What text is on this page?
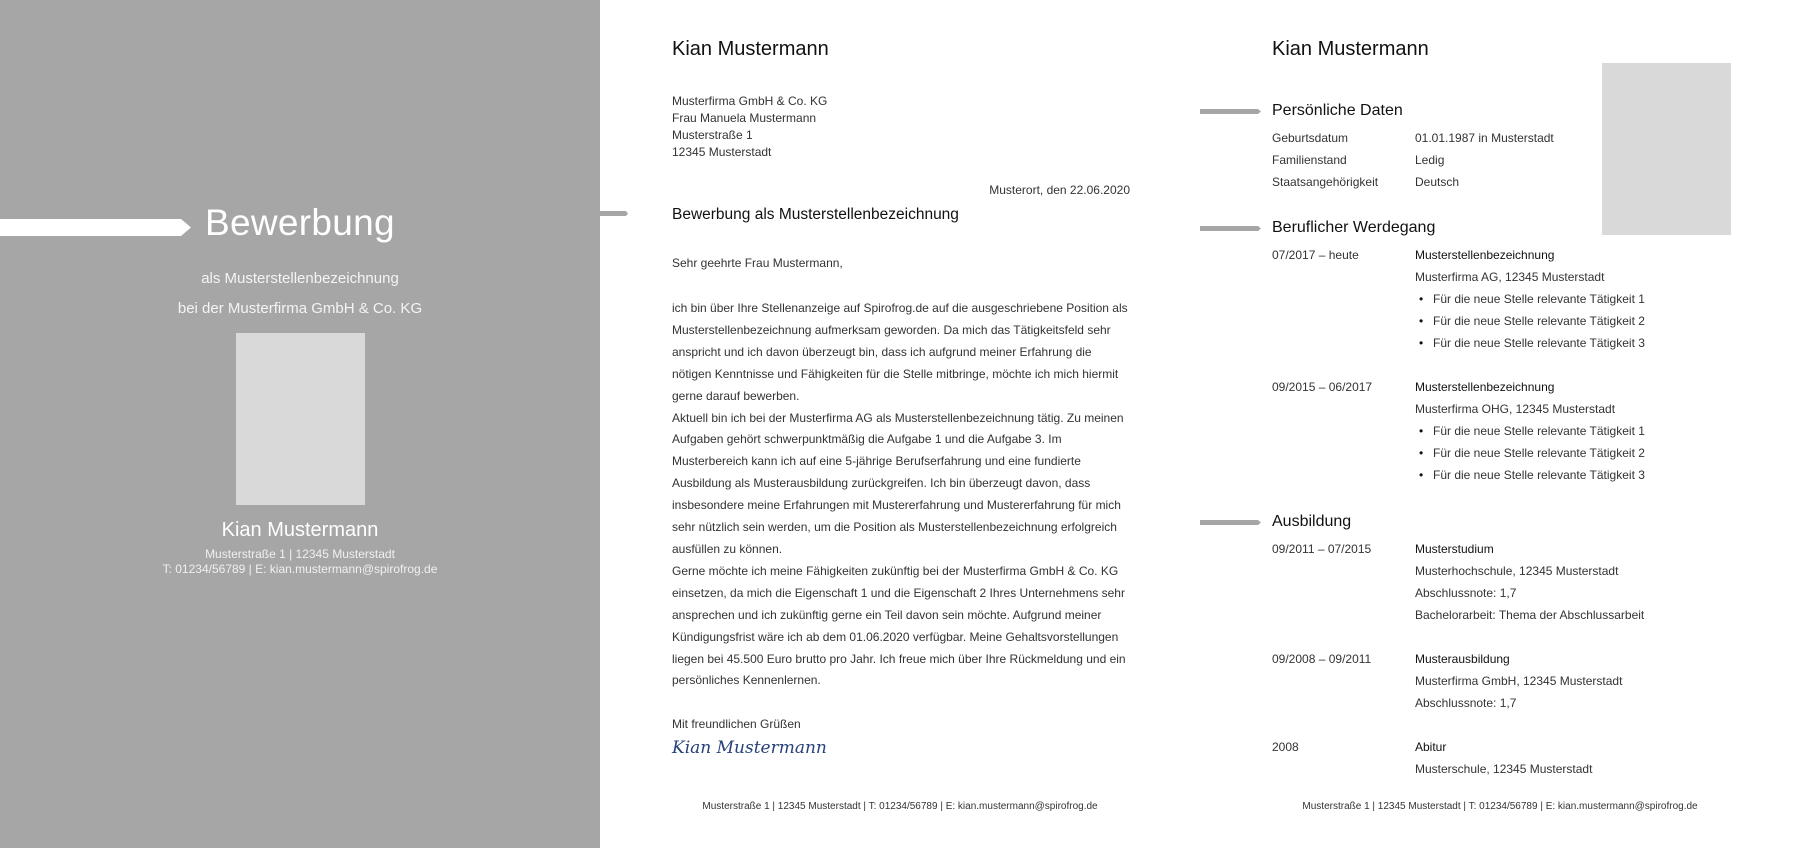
Bewerbung
als Musterstellenbezeichnung
bei der Musterfirma GmbH & Co. KG
Kian Mustermann
Musterstraße 1 | 12345 Musterstadt
T: 01234/56789 | E: kian.mustermann@spirofrog.de
Kian Mustermann
Musterfirma GmbH & Co. KG
Frau Manuela Mustermann
Musterstraße 1
12345 Musterstadt
Musterort, den 22.06.2020
Bewerbung als Musterstellenbezeichnung
Sehr geehrte Frau Mustermann,

ich bin über Ihre Stellenanzeige auf Spirofrog.de auf die ausgeschriebene Position als Musterstellenbezeichnung aufmerksam geworden. Da mich das Tätigkeitsfeld sehr anspricht und ich davon überzeugt bin, dass ich aufgrund meiner Erfahrung die nötigen Kenntnisse und Fähigkeiten für die Stelle mitbringe, möchte ich mich hiermit gerne darauf bewerben.

Aktuell bin ich bei der Musterfirma AG als Musterstellenbezeichnung tätig. Zu meinen Aufgaben gehört schwerpunktmäßig die Aufgabe 1 und die Aufgabe 3. Im Musterbereich kann ich auf eine 5-jährige Berufserfahrung und eine fundierte Ausbildung als Musterausbildung zurückgreifen. Ich bin überzeugt davon, dass insbesondere meine Erfahrungen mit Mustererfahrung und Mustererfahrung für mich sehr nützlich sein werden, um die Position als Musterstellenbezeichnung erfolgreich ausfüllen zu können.

Gerne möchte ich meine Fähigkeiten zukünftig bei der Musterfirma GmbH & Co. KG einsetzen, da mich die Eigenschaft 1 und die Eigenschaft 2 Ihres Unternehmens sehr ansprechen und ich zukünftig gerne ein Teil davon sein möchte. Aufgrund meiner Kündigungsfrist wäre ich ab dem 01.06.2020 verfügbar. Meine Gehaltsvorstellungen liegen bei 45.500 Euro brutto pro Jahr. Ich freue mich über Ihre Rückmeldung und ein persönliches Kennenlernen.

Mit freundlichen Grüßen
Kian Mustermann
Musterstraße 1 | 12345 Musterstadt | T: 01234/56789 | E: kian.mustermann@spirofrog.de
Kian Mustermann
Persönliche Daten
Geburtsdatum	01.01.1987 in Musterstadt
Familienstand	Ledig
Staatsangehörigkeit	Deutsch
Beruflicher Werdegang
07/2017 – heute	Musterstellenbezeichnung
Musterfirma AG, 12345 Musterstadt
• Für die neue Stelle relevante Tätigkeit 1
• Für die neue Stelle relevante Tätigkeit 2
• Für die neue Stelle relevante Tätigkeit 3
09/2015 – 06/2017	Musterstellenbezeichnung
Musterfirma OHG, 12345 Musterstadt
• Für die neue Stelle relevante Tätigkeit 1
• Für die neue Stelle relevante Tätigkeit 2
• Für die neue Stelle relevante Tätigkeit 3
Ausbildung
09/2011 – 07/2015	Musterstudium
Musterhochschule, 12345 Musterstadt
Abschlussnote: 1,7
Bachelorarbeit: Thema der Abschlussarbeit
09/2008 – 09/2011	Musterausbildung
Musterfirma GmbH, 12345 Musterstadt
Abschlussnote: 1,7
2008	Abitur
Musterschule, 12345 Musterstadt
Musterstraße 1 | 12345 Musterstadt | T: 01234/56789 | E: kian.mustermann@spirofrog.de
